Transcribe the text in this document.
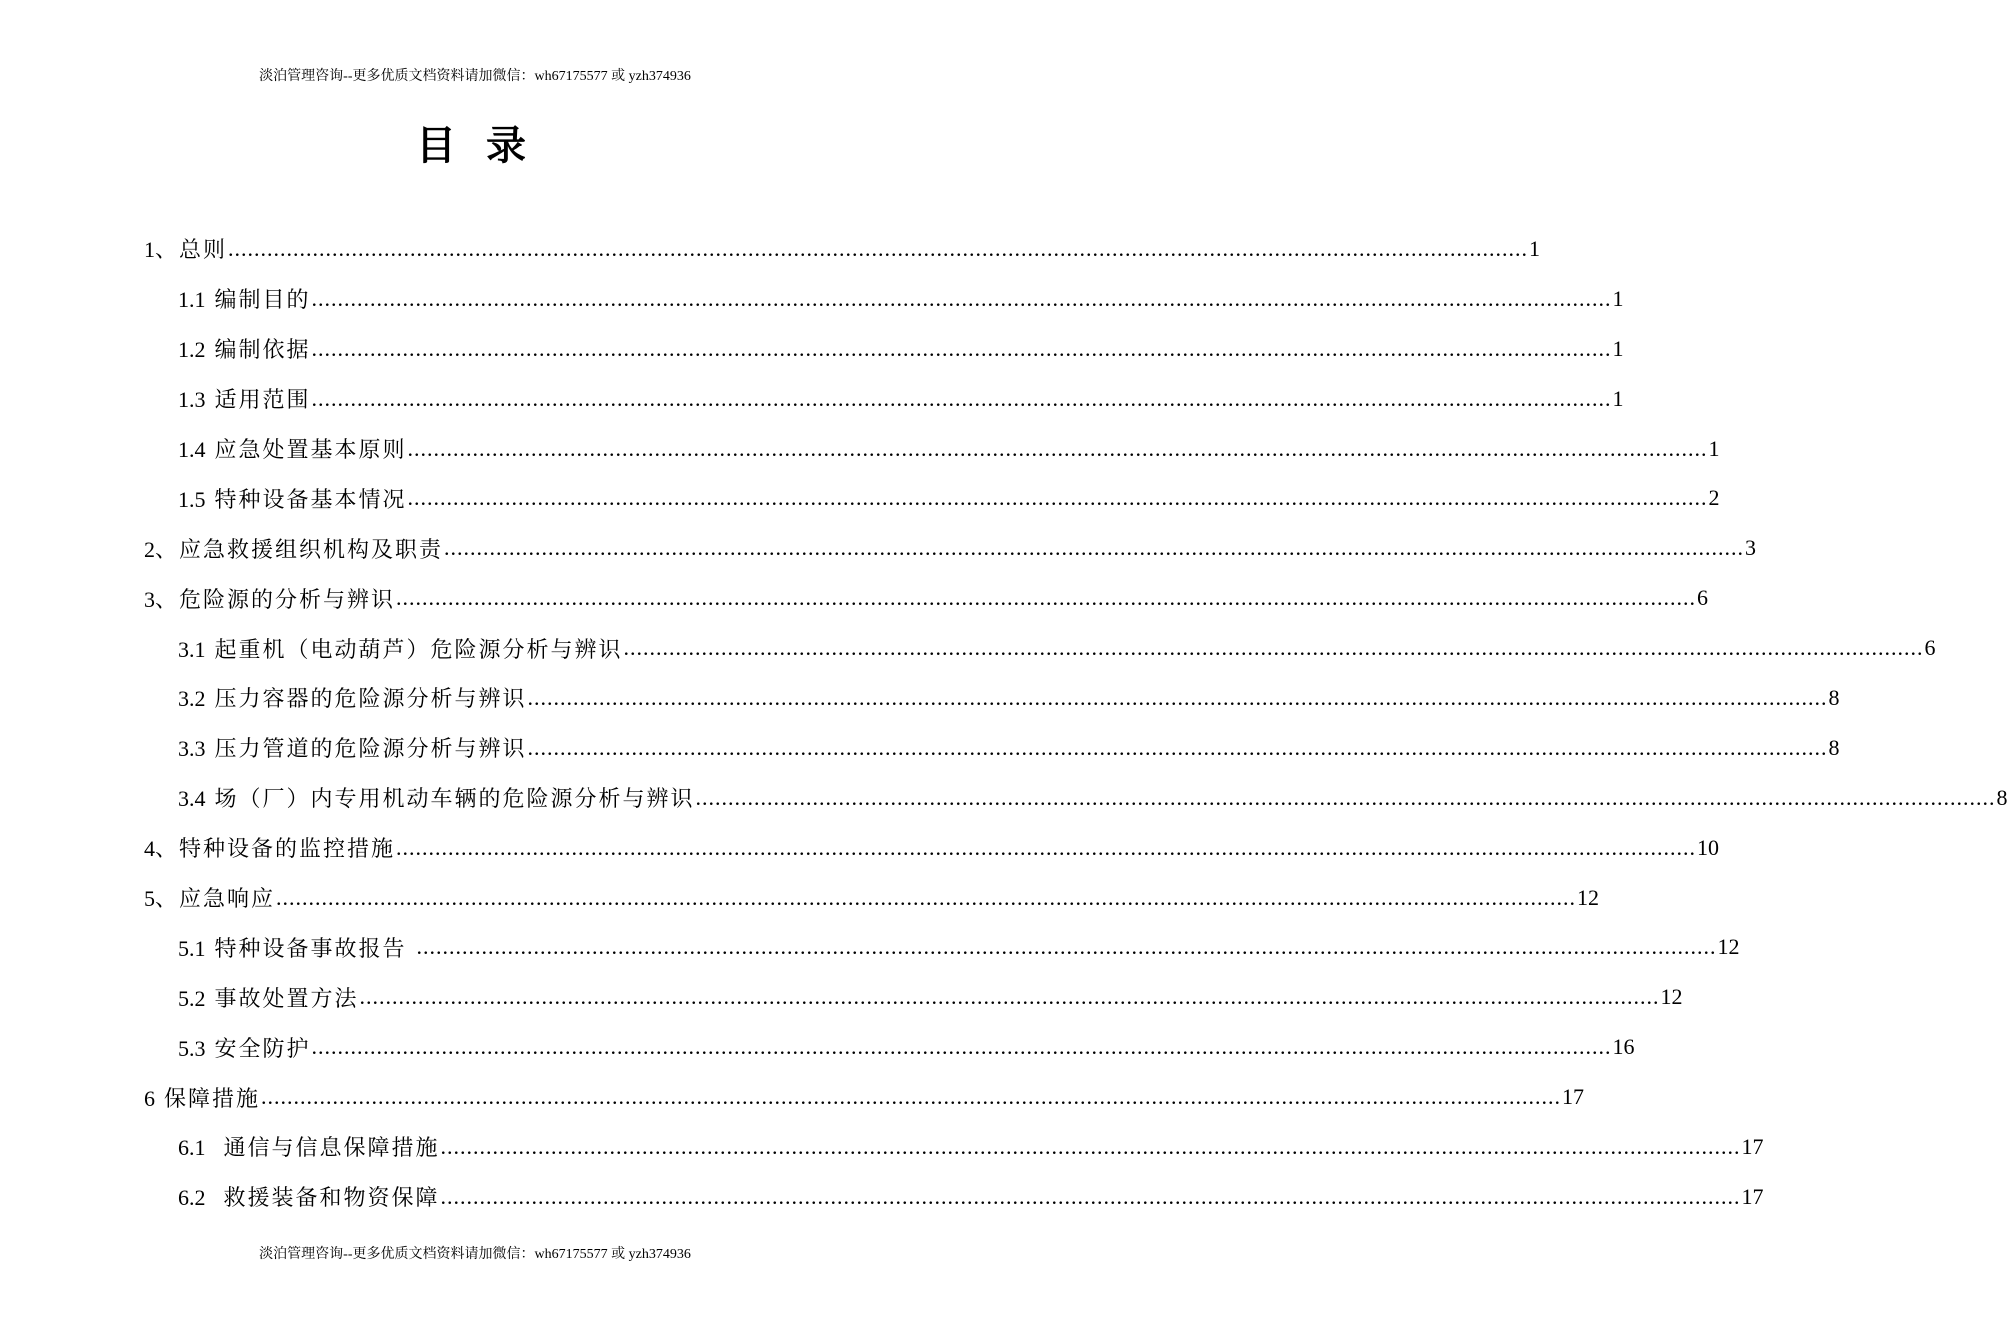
淡泊管理咨询--更多优质文档资料请加微信：wh67175577 或 yzh374936
目 录
1、总则 ........................................................................................................................................................................................................ 1
1.1 编制目的 ........................................................................................................................................................................................................ 1
1.2 编制依据 ........................................................................................................................................................................................................ 1
1.3 适用范围 ........................................................................................................................................................................................................ 1
1.4 应急处置基本原则 ........................................................................................................................................................................................................ 1
1.5 特种设备基本情况 ........................................................................................................................................................................................................ 2
2、应急救援组织机构及职责 ........................................................................................................................................................................................................ 3
3、危险源的分析与辨识 ........................................................................................................................................................................................................ 6
3.1 起重机（电动葫芦）危险源分析与辨识 ........................................................................................................................................................................................................ 6
3.2 压力容器的危险源分析与辨识 ........................................................................................................................................................................................................ 8
3.3 压力管道的危险源分析与辨识 ........................................................................................................................................................................................................ 8
3.4 场（厂）内专用机动车辆的危险源分析与辨识 ........................................................................................................................................................................................................ 8
4、特种设备的监控措施 ........................................................................................................................................................................................................ 10
5、应急响应 ........................................................................................................................................................................................................ 12
5.1 特种设备事故报告 ........................................................................................................................................................................................................ 12
5.2 事故处置方法 ........................................................................................................................................................................................................ 12
5.3 安全防护 ........................................................................................................................................................................................................ 16
6 保障措施 ........................................................................................................................................................................................................ 17
6.1  通信与信息保障措施 ........................................................................................................................................................................................................ 17
6.2  救援装备和物资保障 ........................................................................................................................................................................................................ 17
淡泊管理咨询--更多优质文档资料请加微信：wh67175577 或 yzh374936
